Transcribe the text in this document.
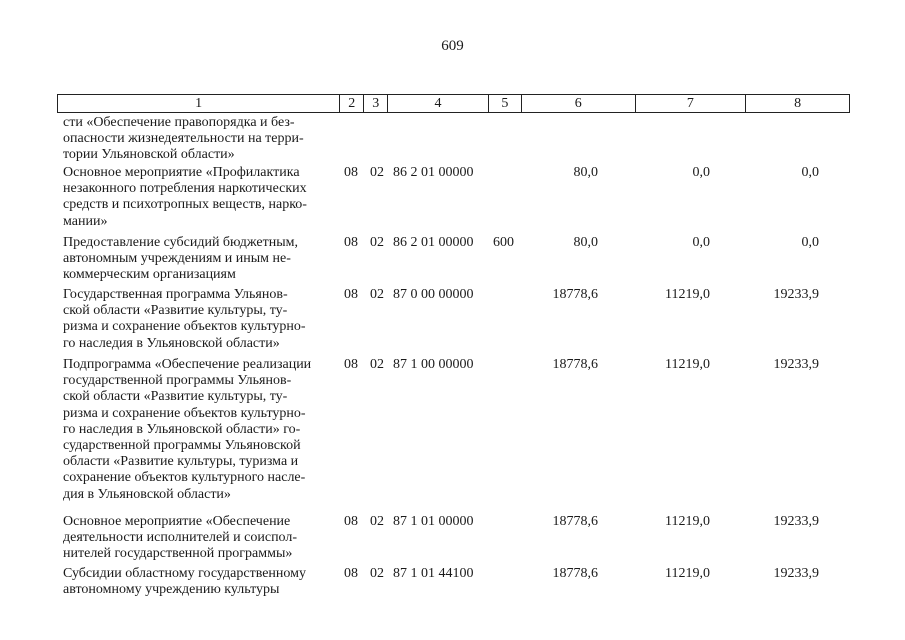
609
1	2	3	4	5	6	7	8
сти «Обеспечение правопорядка и без-
опасности жизнедеятельности на терри-
тории Ульяновской области»
Основное мероприятие «Профилактика
незаконного потребления наркотических
средств и психотропных веществ, нарко-
мании»
08 02 86 2 01 00000	80,0	0,0	0,0
Предоставление субсидий бюджетным,
автономным учреждениям и иным не-
коммерческим организациям
08 02 86 2 01 00000 600	80,0	0,0	0,0
Государственная программа Ульянов-
ской области «Развитие культуры, ту-
ризма и сохранение объектов культурно-
го наследия в Ульяновской области»
08 02 87 0 00 00000	18778,6	11219,0	19233,9
Подпрограмма «Обеспечение реализации
государственной программы Ульянов-
ской области «Развитие культуры, ту-
ризма и сохранение объектов культурно-
го наследия в Ульяновской области» го-
сударственной программы Ульяновской
области «Развитие культуры, туризма и
сохранение объектов культурного насле-
дия в Ульяновской области»
08 02 87 1 00 00000	18778,6	11219,0	19233,9
Основное мероприятие «Обеспечение
деятельности исполнителей и соиспол-
нителей государственной программы»
08 02 87 1 01 00000	18778,6	11219,0	19233,9
Субсидии областному государственному
автономному учреждению культуры
08 02 87 1 01 44100	18778,6	11219,0	19233,9
